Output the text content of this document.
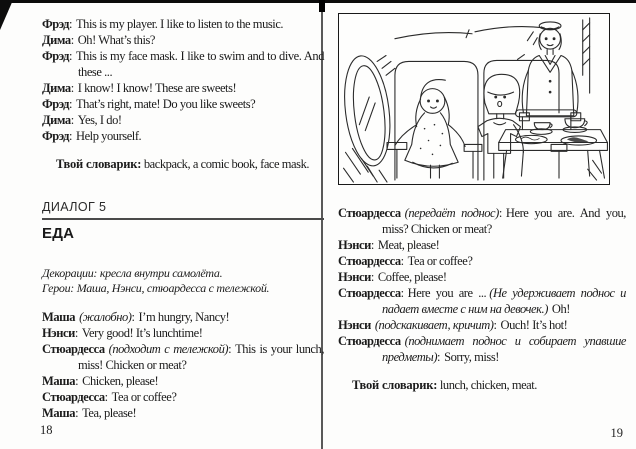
Фрэд: This is my player. I like to listen to the music.

Дима: Oh! What’s this?

Фрэд: This is my face mask. I like to swim and to dive. And these ...

Дима: I know! I know! These are sweets!

Фрэд: That’s right, mate! Do you like sweets?

Дима: Yes, I do!

Фрэд: Help yourself.

Твой словарик: backpack, a comic book, face mask.

ДИАЛОГ 5

ЕДА

Декорации: кресла внутри самолёта.

Герои: Маша, Нэнси, стюардесса с тележкой.

Маша (жалобно): I’m hungry, Nancy!

Нэнси: Very good! It’s lunchtime!

Стюардесса (подходит с тележкой): This is your lunch, miss! Chicken or meat?

Маша: Chicken, please!

Стюардесса: Tea or coffee?

Маша: Tea, please!

18

Стюардесса (передаёт поднос): Here you are. And you, miss? Chicken or meat?

Нэнси: Meat, please!

Стюардесса: Tea or coffee?

Нэнси: Coffee, please!

Стюардесса: Here you are ... (Не удерживает поднос и падает вместе с ним на девочек.) Oh!

Нэнси (подскакивает, кричит): Ouch! It’s hot!

Стюардесса (поднимает поднос и собирает упавшие предметы): Sorry, miss!

Твой словарик: lunch, chicken, meat.

19
